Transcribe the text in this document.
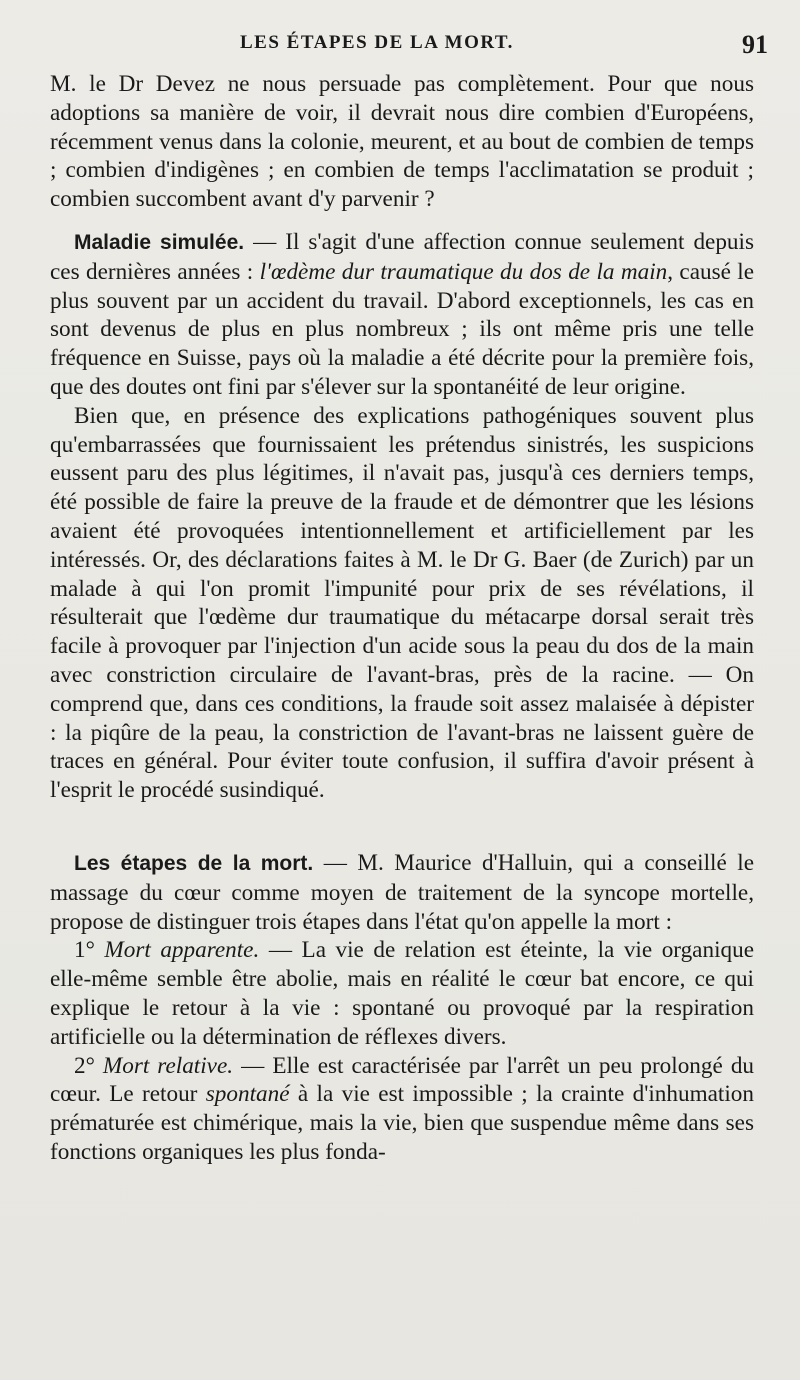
LES ÉTAPES DE LA MORT.	91

M. le Dr Devez ne nous persuade pas complètement. Pour que nous adoptions sa manière de voir, il devrait nous dire combien d'Européens, récemment venus dans la colonie, meurent, et au bout de combien de temps ; combien d'indigènes ; en combien de temps l'acclimatation se produit ; combien succombent avant d'y parvenir ?

Maladie simulée. — Il s'agit d'une affection connue seulement depuis ces dernières années : l'œdème dur traumatique du dos de la main, causé le plus souvent par un accident du travail. D'abord exceptionnels, les cas en sont devenus de plus en plus nombreux ; ils ont même pris une telle fréquence en Suisse, pays où la maladie a été décrite pour la première fois, que des doutes ont fini par s'élever sur la spontanéité de leur origine.

Bien que, en présence des explications pathogéniques souvent plus qu'embarrassées que fournissaient les prétendus sinistrés, les suspicions eussent paru des plus légitimes, il n'avait pas, jusqu'à ces derniers temps, été possible de faire la preuve de la fraude et de démontrer que les lésions avaient été provoquées intentionnellement et artificiellement par les intéressés. Or, des déclarations faites à M. le Dr G. Baer (de Zurich) par un malade à qui l'on promit l'impunité pour prix de ses révélations, il résulterait que l'œdème dur traumatique du métacarpe dorsal serait très facile à provoquer par l'injection d'un acide sous la peau du dos de la main avec constriction circulaire de l'avant-bras, près de la racine. — On comprend que, dans ces conditions, la fraude soit assez malaisée à dépister : la piqûre de la peau, la constriction de l'avant-bras ne laissent guère de traces en général. Pour éviter toute confusion, il suffira d'avoir présent à l'esprit le procédé susindiqué.

Les étapes de la mort. — M. Maurice d'Halluin, qui a conseillé le massage du cœur comme moyen de traitement de la syncope mortelle, propose de distinguer trois étapes dans l'état qu'on appelle la mort :

1° Mort apparente. — La vie de relation est éteinte, la vie organique elle-même semble être abolie, mais en réalité le cœur bat encore, ce qui explique le retour à la vie : spontané ou provoqué par la respiration artificielle ou la détermination de réflexes divers.

2° Mort relative. — Elle est caractérisée par l'arrêt un peu prolongé du cœur. Le retour spontané à la vie est impossible ; la crainte d'inhumation prématurée est chimérique, mais la vie, bien que suspendue même dans ses fonctions organiques les plus fonda-
